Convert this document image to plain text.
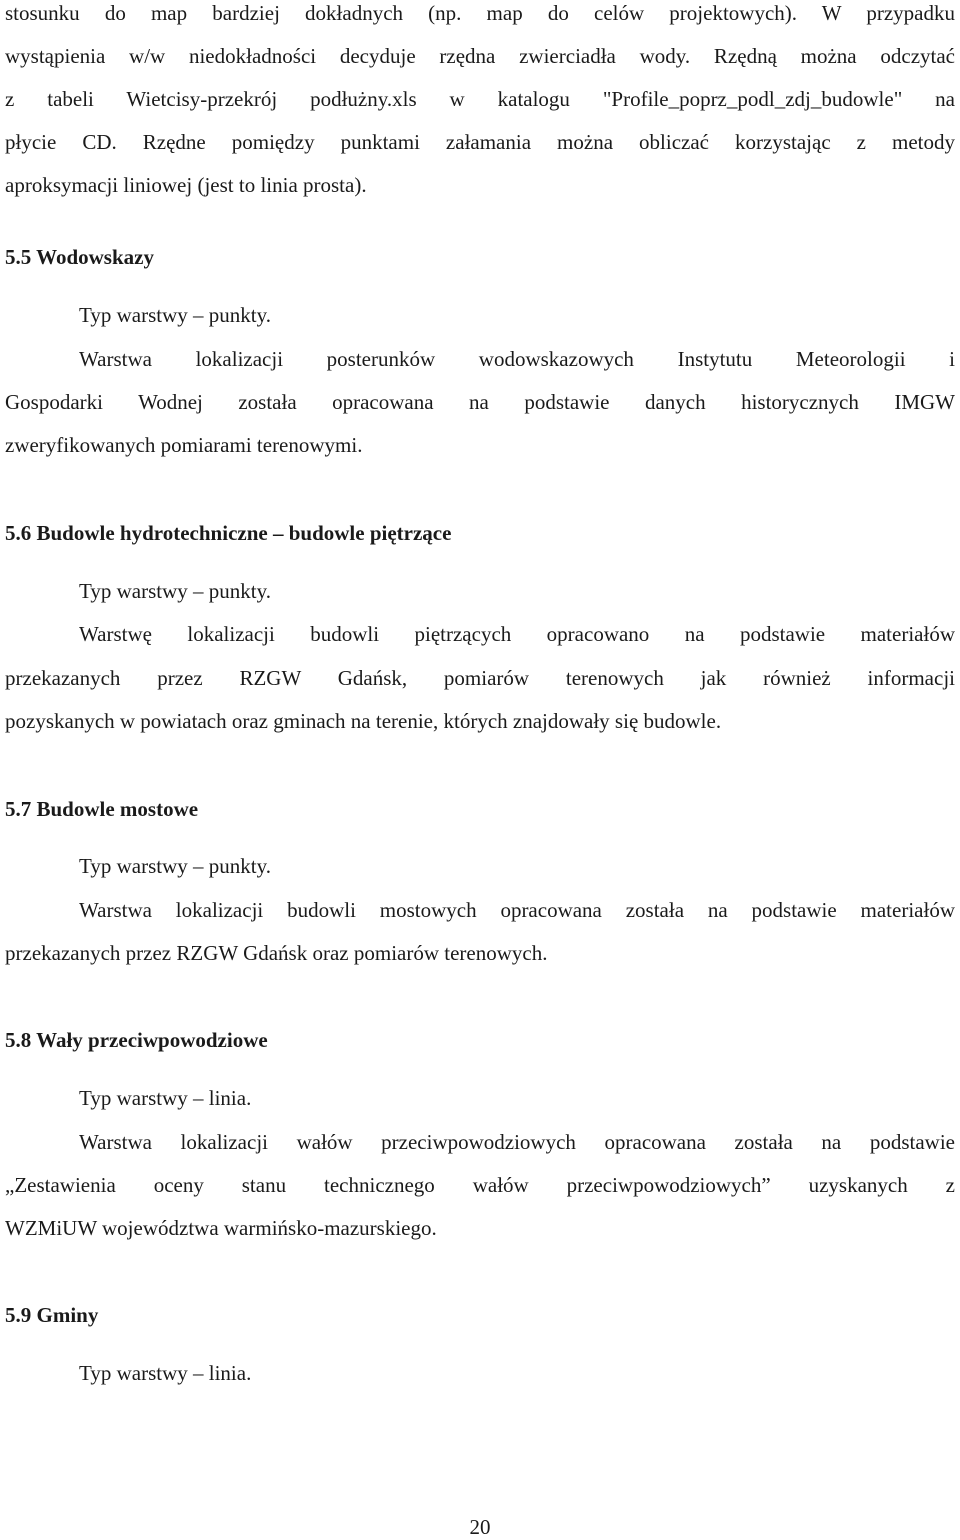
stosunku do map bardziej dokładnych (np. map do celów projektowych). W przypadku
wystąpienia w/w niedokładności decyduje rzędna zwierciadła wody. Rzędną można odczytać
z tabeli Wietcisy-przekrój podłużny.xls w katalogu "Profile_poprz_podl_zdj_budowle" na
płycie CD. Rzędne pomiędzy punktami załamania można obliczać korzystając z metody
aproksymacji liniowej (jest to linia prosta).
5.5 Wodowskazy
Typ warstwy – punkty.
Warstwa lokalizacji posterunków wodowskazowych Instytutu Meteorologii i
Gospodarki Wodnej została opracowana na podstawie danych historycznych IMGW
zweryfikowanych pomiarami terenowymi.
5.6 Budowle hydrotechniczne – budowle piętrzące
Typ warstwy – punkty.
Warstwę lokalizacji budowli piętrzących opracowano na podstawie materiałów
przekazanych przez RZGW Gdańsk, pomiarów terenowych jak również informacji
pozyskanych w powiatach oraz gminach na terenie, których znajdowały się budowle.
5.7 Budowle mostowe
Typ warstwy – punkty.
Warstwa lokalizacji budowli mostowych opracowana została na podstawie materiałów
przekazanych przez RZGW Gdańsk oraz pomiarów terenowych.
5.8 Wały przeciwpowodziowe
Typ warstwy – linia.
Warstwa lokalizacji wałów przeciwpowodziowych opracowana została na podstawie
„Zestawienia oceny stanu technicznego wałów przeciwpowodziowych” uzyskanych z
WZMiUW województwa warmińsko-mazurskiego.
5.9 Gminy
Typ warstwy – linia.
20
